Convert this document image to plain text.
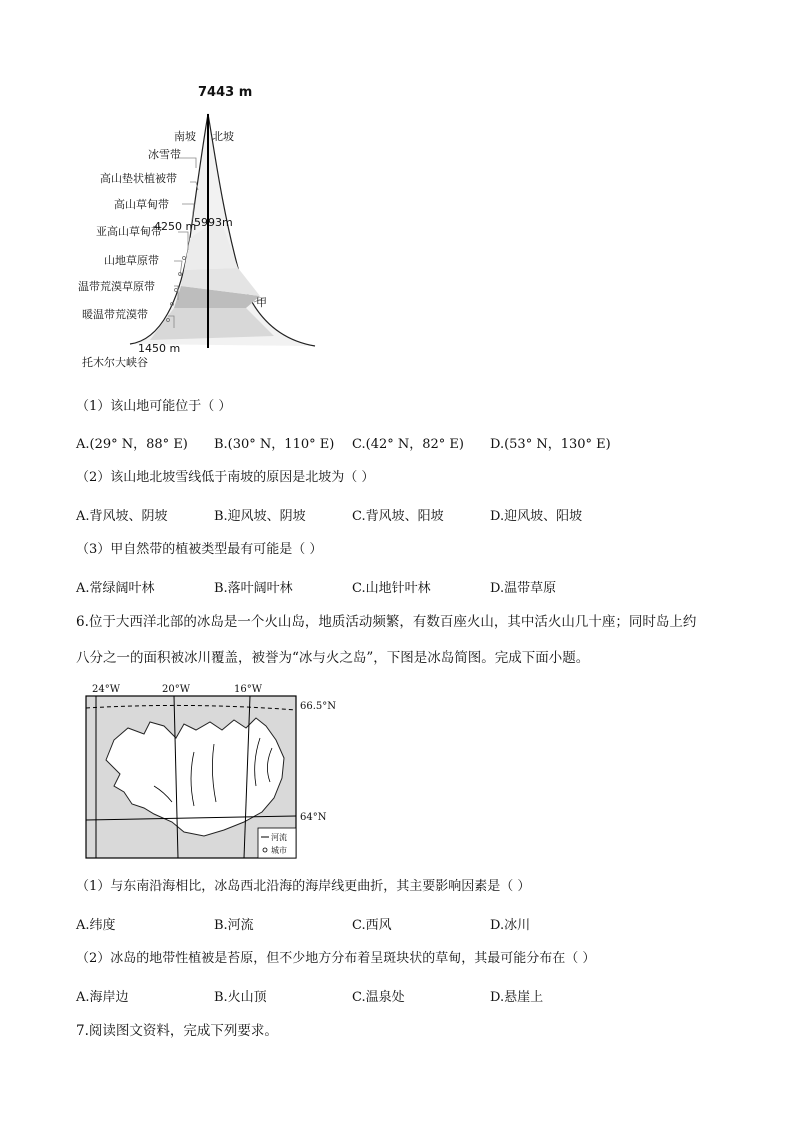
7443 m
南坡 北坡
冰雪带
高山垫状植被带
高山草甸带
4250 m
亚高山草甸带
5993m
山地草原带
温带荒漠草原带
甲
暖温带荒漠带
1450 m
托木尔大峡谷
（1）该山地可能位于（ ）
A.(29° N，88° E) B.(30° N，110° E) C.(42° N，82° E) D.(53° N，130° E)
（2）该山地北坡雪线低于南坡的原因是北坡为（ ）
A.背风坡、阴坡	B.迎风坡、阴坡	C.背风坡、阳坡	D.迎风坡、阳坡
（3）甲自然带的植被类型最有可能是（ ）
A.常绿阔叶林	B.落叶阔叶林	C.山地针叶林	D.温带草原
6.位于大西洋北部的冰岛是一个火山岛，地质活动频繁，有数百座火山，其中活火山几十座；同时岛上约
八分之一的面积被冰川覆盖，被誉为“冰与火之岛”，下图是冰岛简图。完成下面小题。
24°W	20°W	16°W
66.5°N
64°N
河流
城市
（1）与东南沿海相比，冰岛西北沿海的海岸线更曲折，其主要影响因素是（ ）
A.纬度	B.河流	C.西风	D.冰川
（2）冰岛的地带性植被是苔原，但不少地方分布着呈斑块状的草甸，其最可能分布在（ ）
A.海岸边	B.火山顶	C.温泉处	D.悬崖上
7.阅读图文资料，完成下列要求。
